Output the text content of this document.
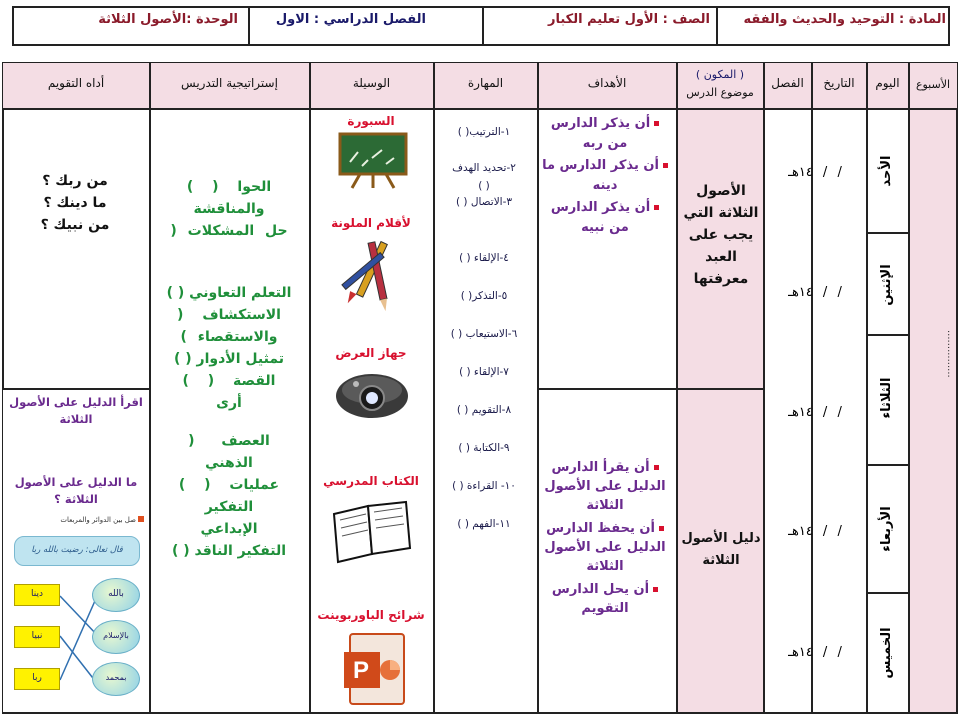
المادة : التوحيد والحديث والفقه
الصف : الأول تعليم الكبار
الفصل الدراسي : الاول
الوحدة :الأصول الثلاثة
الأسبوع
اليوم
التاريخ
الفصل
( المكون )
موضوع الدرس
الأهداف
المهارة
الوسيلة
إستراتيجية التدريس
أداه التقويم
...............
الأحد
الإثنين
الثلاثاء
الأربعاء
الخميس
/ / ١٤هـ
/ / ١٤هـ
/ / ١٤هـ
/ / ١٤هـ
/ / ١٤هـ
الأصول
الثلاثة التي
يجب على
العبد
معرفتها
دليل الأصول
الثلاثة
أن يذكر الدارس
من ربه
أن يذكر الدارس ما
دينه
أن يذكر الدارس
من نبيه
أن يقرأ الدارس
الدليل على الأصول
الثلاثة
أن يحفظ الدارس
الدليل على الأصول
الثلاثة
أن يحل الدارس
التقويم
١-الترتيب( )
٢-تحديد الهدف
( )
٣-الاتصال ( )
٤-الإلقاء ( )
٥-التذكر( )
٦-الاستيعاب ( )
٧-الإلقاء ( )
٨-التقويم ( )
٩-الكتابة ( )
١٠- القراءة ( )
١١-الفهم ( )
السبورة
لأقلام الملونة
جهاز العرض
الكتاب المدرسي
شرائح الباوربوينت
P
الحوا ( )
والمناقشة
حل المشكلات (
التعلم التعاوني ( )
الاستكشاف (
والاستقصاء )
تمثيل الأدوار ( )
القصة ( )
أرى
العصف (
الذهني
عمليات ( )
التفكير
الإبداعي
التفكير الناقد ( )
من ربك ؟
ما دينك ؟
من نبيك ؟
اقرأ الدليل على الأصول
الثلاثة
ما الدليل على الأصول
الثلاثة ؟
صل بين الدوائر والمربعات
قال تعالى: رضيت بالله ربا
دينا
نبيا
ربا
بالله
بالإسلام
بمحمد
